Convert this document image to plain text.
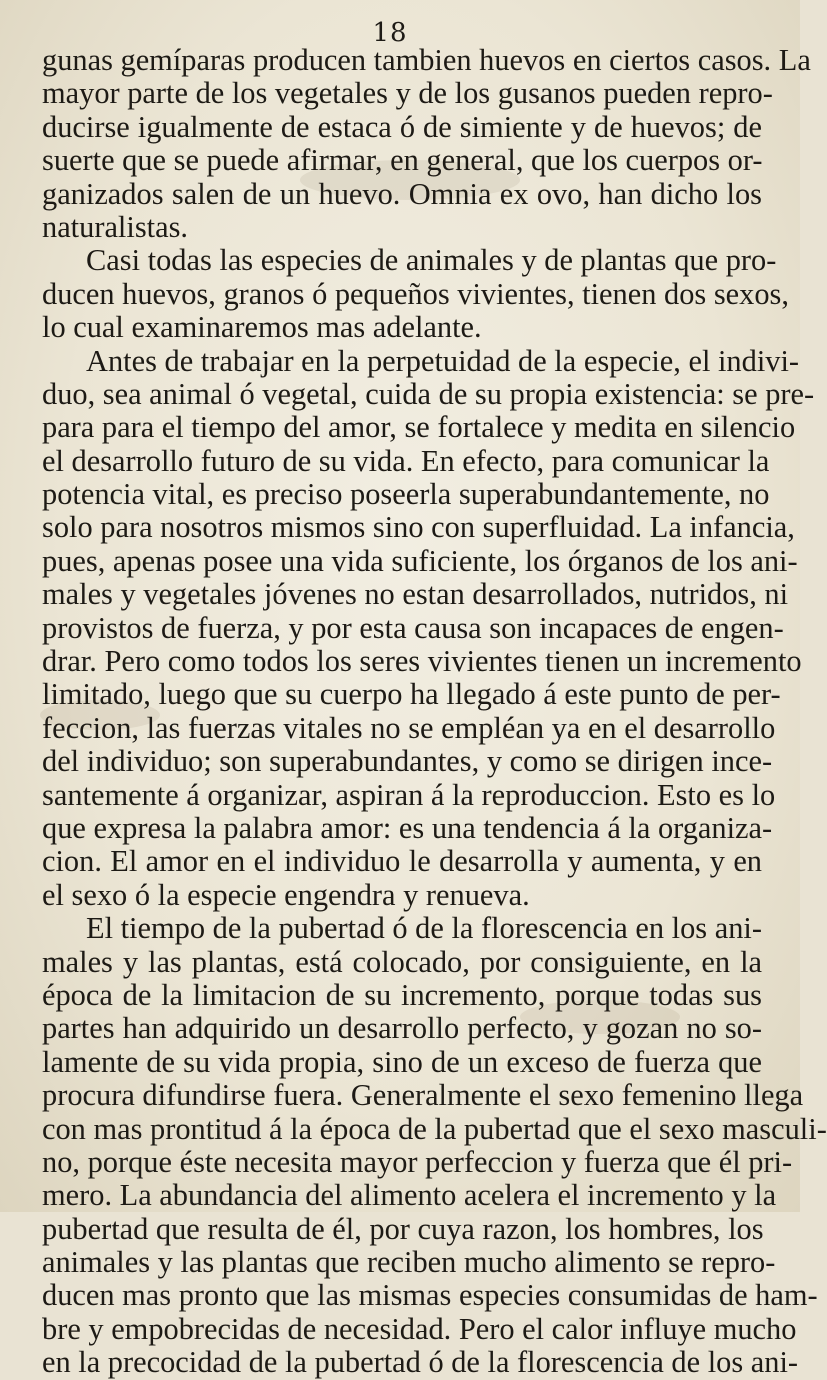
18
gunas gemíparas producen tambien huevos en ciertos casos. La
mayor parte de los vegetales y de los gusanos pueden repro-
ducirse igualmente de estaca ó de simiente y de huevos; de
suerte que se puede afirmar, en general, que los cuerpos or-
ganizados salen de un huevo. Omnia ex ovo, han dicho los
naturalistas.
Casi todas las especies de animales y de plantas que pro-
ducen huevos, granos ó pequeños vivientes, tienen dos sexos,
lo cual examinaremos mas adelante.
Antes de trabajar en la perpetuidad de la especie, el indivi-
duo, sea animal ó vegetal, cuida de su propia existencia: se pre-
para para el tiempo del amor, se fortalece y medita en silencio
el desarrollo futuro de su vida. En efecto, para comunicar la
potencia vital, es preciso poseerla superabundantemente, no
solo para nosotros mismos sino con superfluidad. La infancia,
pues, apenas posee una vida suficiente, los órganos de los ani-
males y vegetales jóvenes no estan desarrollados, nutridos, ni
provistos de fuerza, y por esta causa son incapaces de engen-
drar. Pero como todos los seres vivientes tienen un incremento
limitado, luego que su cuerpo ha llegado á este punto de per-
feccion, las fuerzas vitales no se empléan ya en el desarrollo
del individuo; son superabundantes, y como se dirigen ince-
santemente á organizar, aspiran á la reproduccion. Esto es lo
que expresa la palabra amor: es una tendencia á la organiza-
cion. El amor en el individuo le desarrolla y aumenta, y en
el sexo ó la especie engendra y renueva.
El tiempo de la pubertad ó de la florescencia en los ani-
males y las plantas, está colocado, por consiguiente, en la
época de la limitacion de su incremento, porque todas sus
partes han adquirido un desarrollo perfecto, y gozan no so-
lamente de su vida propia, sino de un exceso de fuerza que
procura difundirse fuera. Generalmente el sexo femenino llega
con mas prontitud á la época de la pubertad que el sexo masculi-
no, porque éste necesita mayor perfeccion y fuerza que él pri-
mero. La abundancia del alimento acelera el incremento y la
pubertad que resulta de él, por cuya razon, los hombres, los
animales y las plantas que reciben mucho alimento se repro-
ducen mas pronto que las mismas especies consumidas de ham-
bre y empobrecidas de necesidad. Pero el calor influye mucho
en la precocidad de la pubertad ó de la florescencia de los ani-
